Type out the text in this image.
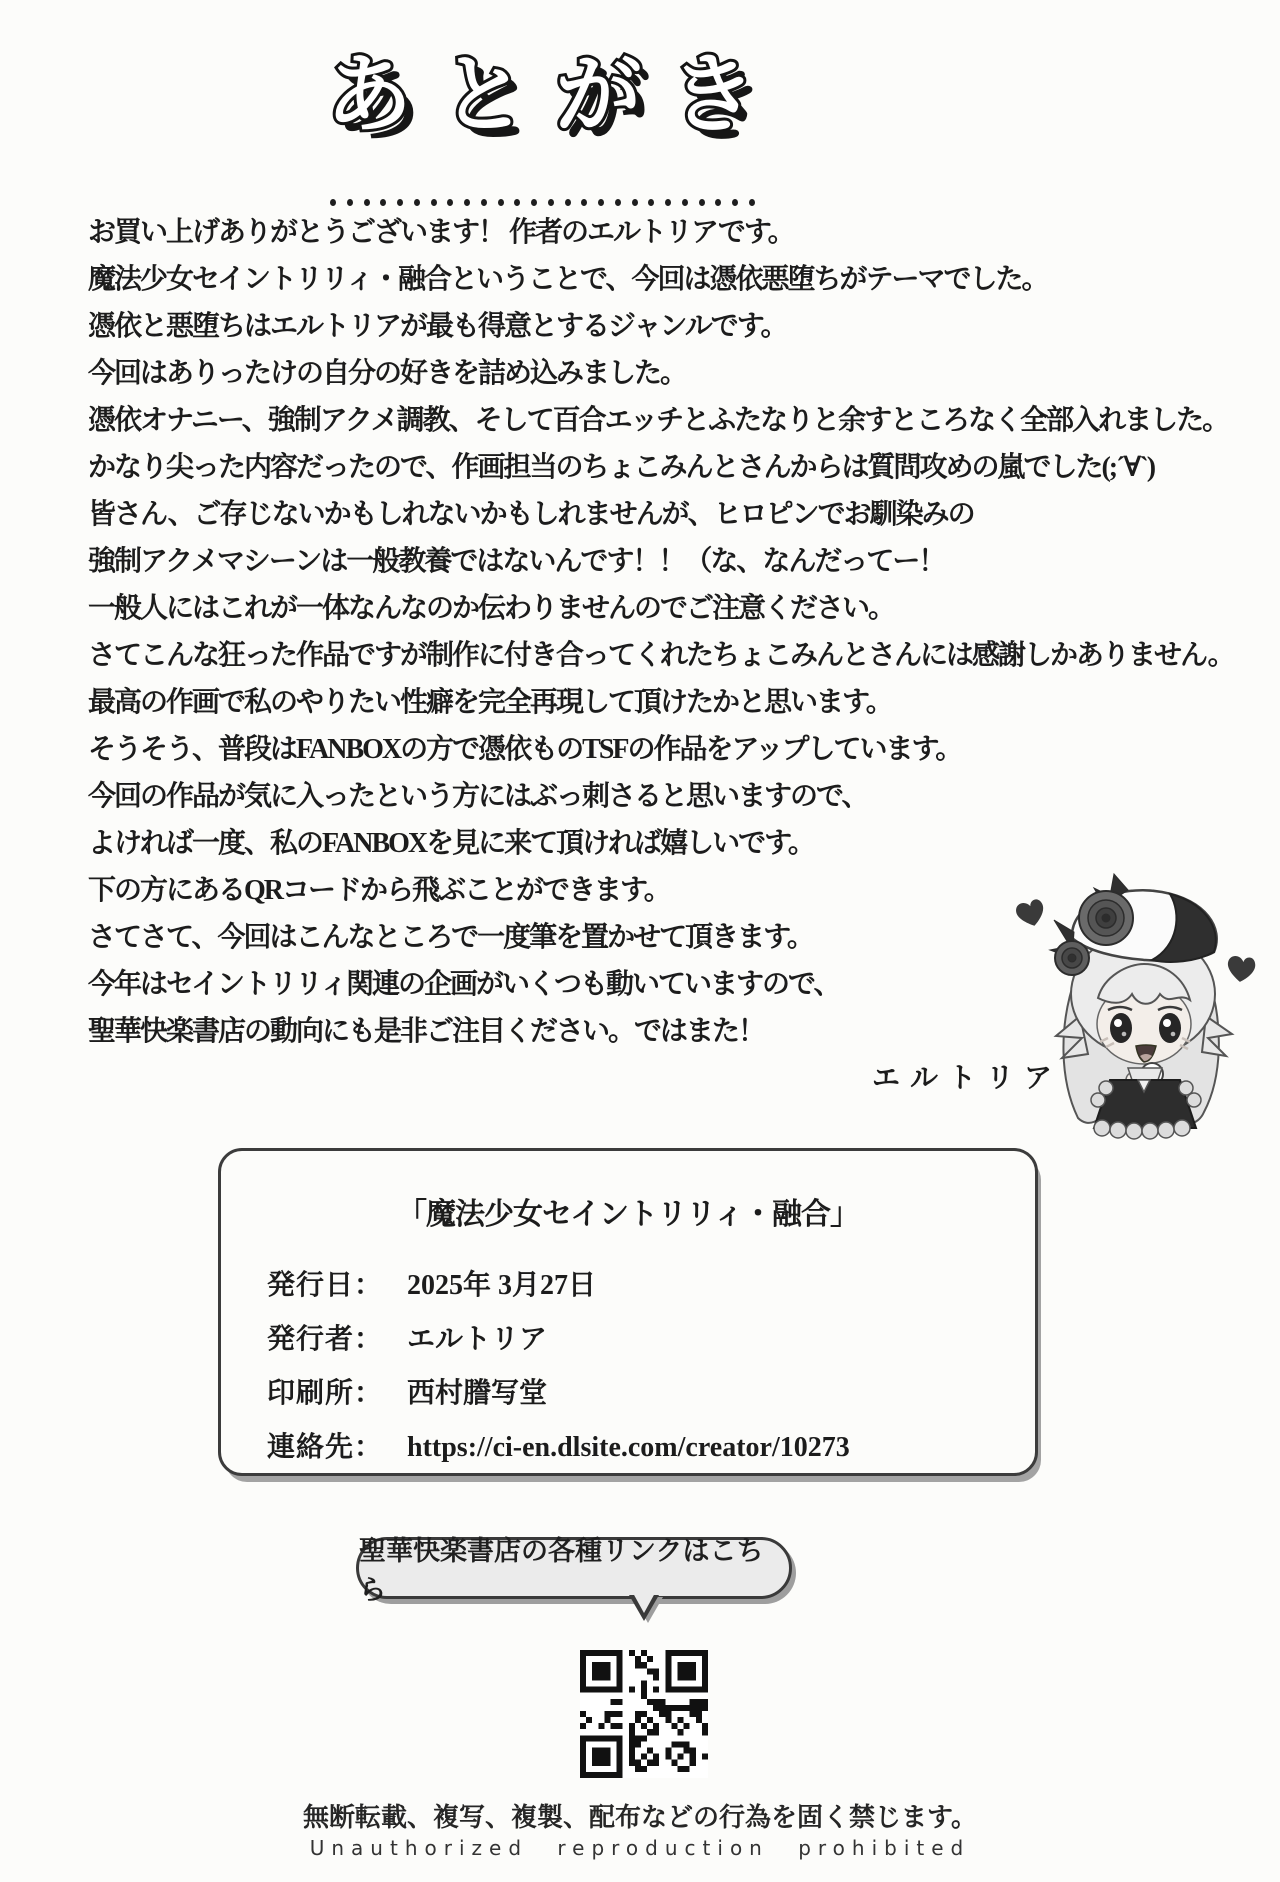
あ と が き
お買い上げありがとうございます！ 作者のエルトリアです。
魔法少女セイントリリィ・融合ということで、今回は憑依悪堕ちがテーマでした。
憑依と悪堕ちはエルトリアが最も得意とするジャンルです。
今回はありったけの自分の好きを詰め込みました。
憑依オナニー、強制アクメ調教、そして百合エッチとふたなりと余すところなく全部入れました。
かなり尖った内容だったので、作画担当のちょこみんとさんからは質問攻めの嵐でした(;´∀`)
皆さん、ご存じないかもしれないかもしれませんが、ヒロピンでお馴染みの
強制アクメマシーンは一般教養ではないんです！！（な、なんだってー！
一般人にはこれが一体なんなのか伝わりませんのでご注意ください。
さてこんな狂った作品ですが制作に付き合ってくれたちょこみんとさんには感謝しかありません。
最高の作画で私のやりたい性癖を完全再現して頂けたかと思います。
そうそう、普段はFANBOXの方で憑依ものTSFの作品をアップしています。
今回の作品が気に入ったという方にはぶっ刺さると思いますので、
よければ一度、私のFANBOXを見に来て頂ければ嬉しいです。
下の方にあるQRコードから飛ぶことができます。
さてさて、今回はこんなところで一度筆を置かせて頂きます。
今年はセイントリリィ関連の企画がいくつも動いていますので、
聖華快楽書店の動向にも是非ご注目ください。ではまた！
エルトリア
「魔法少女セイントリリィ・融合」
発行日： 2025年 3月27日
発行者： エルトリア
印刷所： 西村謄写堂
連絡先： https://ci-en.dlsite.com/creator/10273
聖華快楽書店の各種リンクはこちら
無断転載、複写、複製、配布などの行為を固く禁じます。
Unauthorized reproduction prohibited
